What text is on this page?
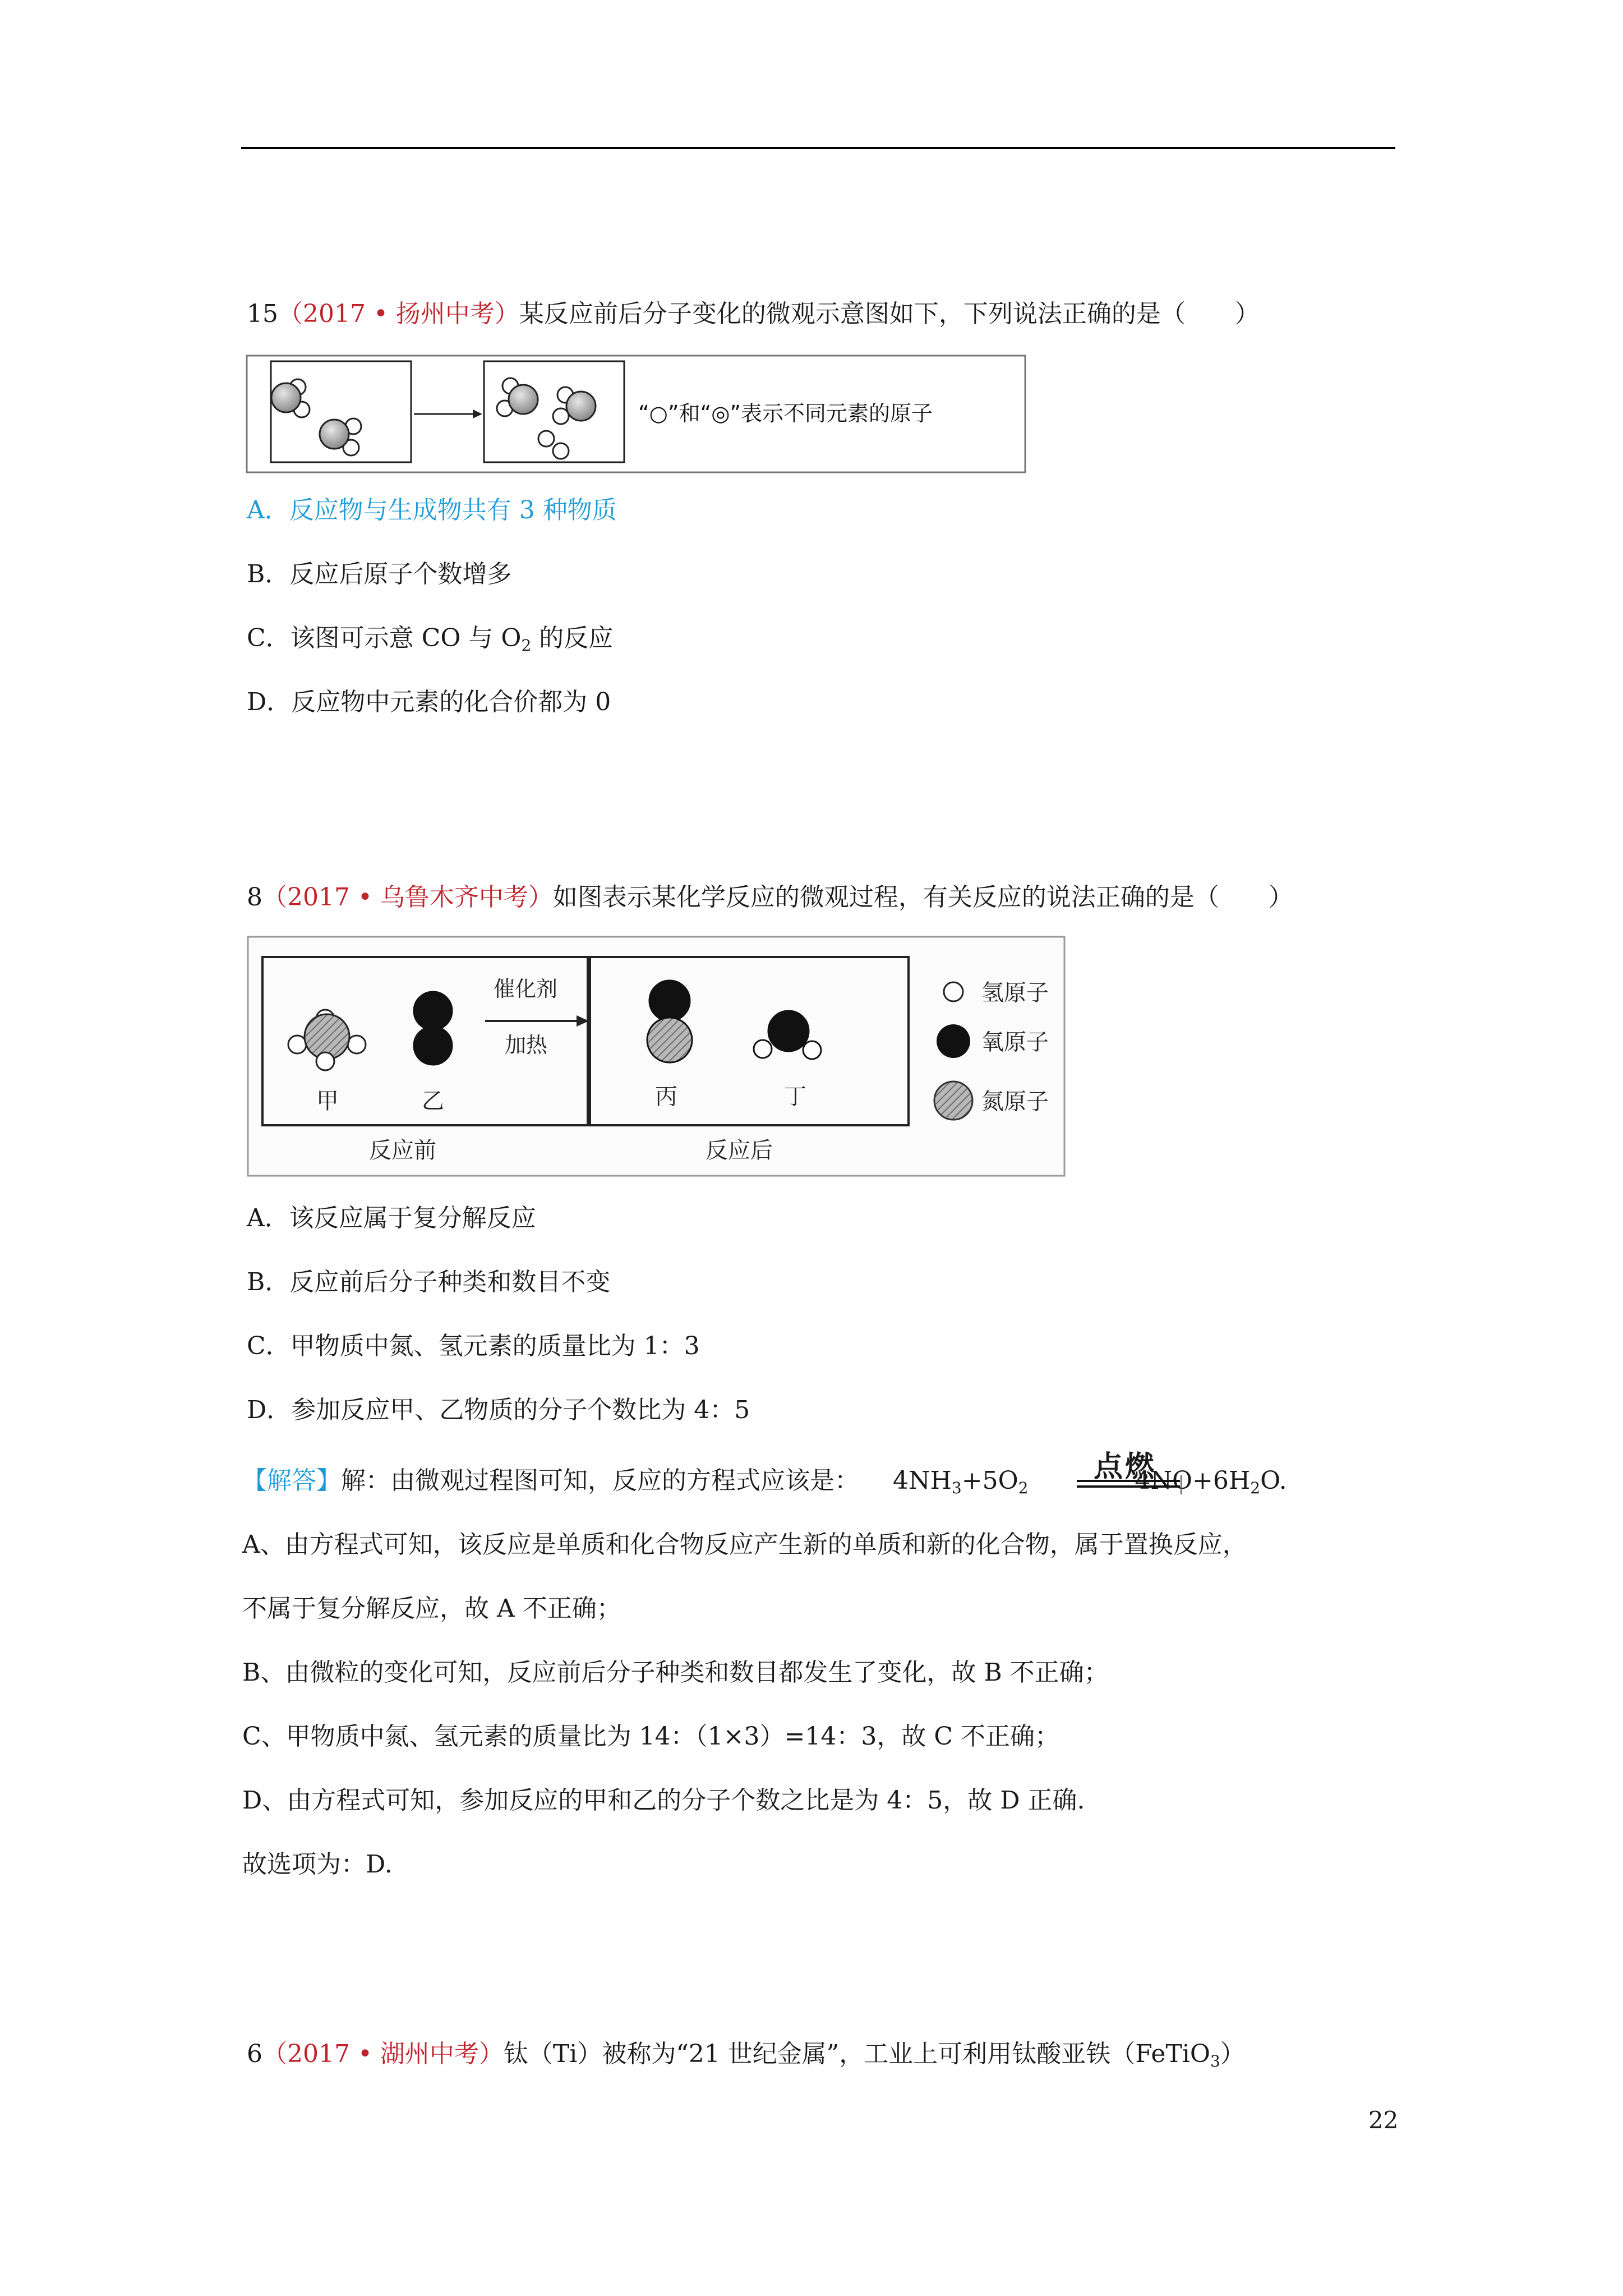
15（2017 • 扬州中考）某反应前后分子变化的微观示意图如下，下列说法正确的是（　　）
“○”和“◎”表示不同元素的原子
A．反应物与生成物共有 3 种物质
B．反应后原子个数增多
C．该图可示意 CO 与 $O_2$ 的反应
D．反应物中元素的化合价都为 0
8（2017 • 乌鲁木齐中考）如图表示某化学反应的微观过程，有关反应的说法正确的是（　　）
甲	乙
反应前
催化剂
加热
丙	丁
反应后
氢原子
氧原子
氮原子
A．该反应属于复分解反应
B．反应前后分子种类和数目不变
C．甲物质中氮、氢元素的质量比为 1：3
D．参加反应甲、乙物质的分子个数比为 4：5
【解答】解：由微观过程图可知，反应的方程式应该是： $4NH_3+5O_2$	$4NO+6H_2O$.
点燃
A、由方程式可知，该反应是单质和化合物反应产生新的单质和新的化合物，属于置换反应，
不属于复分解反应，故 A 不正确；
B、由微粒的变化可知，反应前后分子种类和数目都发生了变化，故 B 不正确；
C、甲物质中氮、氢元素的质量比为 14：（1×3）=14：3，故 C 不正确；
D、由方程式可知，参加反应的甲和乙的分子个数之比是为 4：5，故 D 正确.
故选项为：D.
6（2017 • 湖州中考）钛（Ti）被称为“21 世纪金属”，工业上可利用钛酸亚铁（FeTiO$_3$）
22
